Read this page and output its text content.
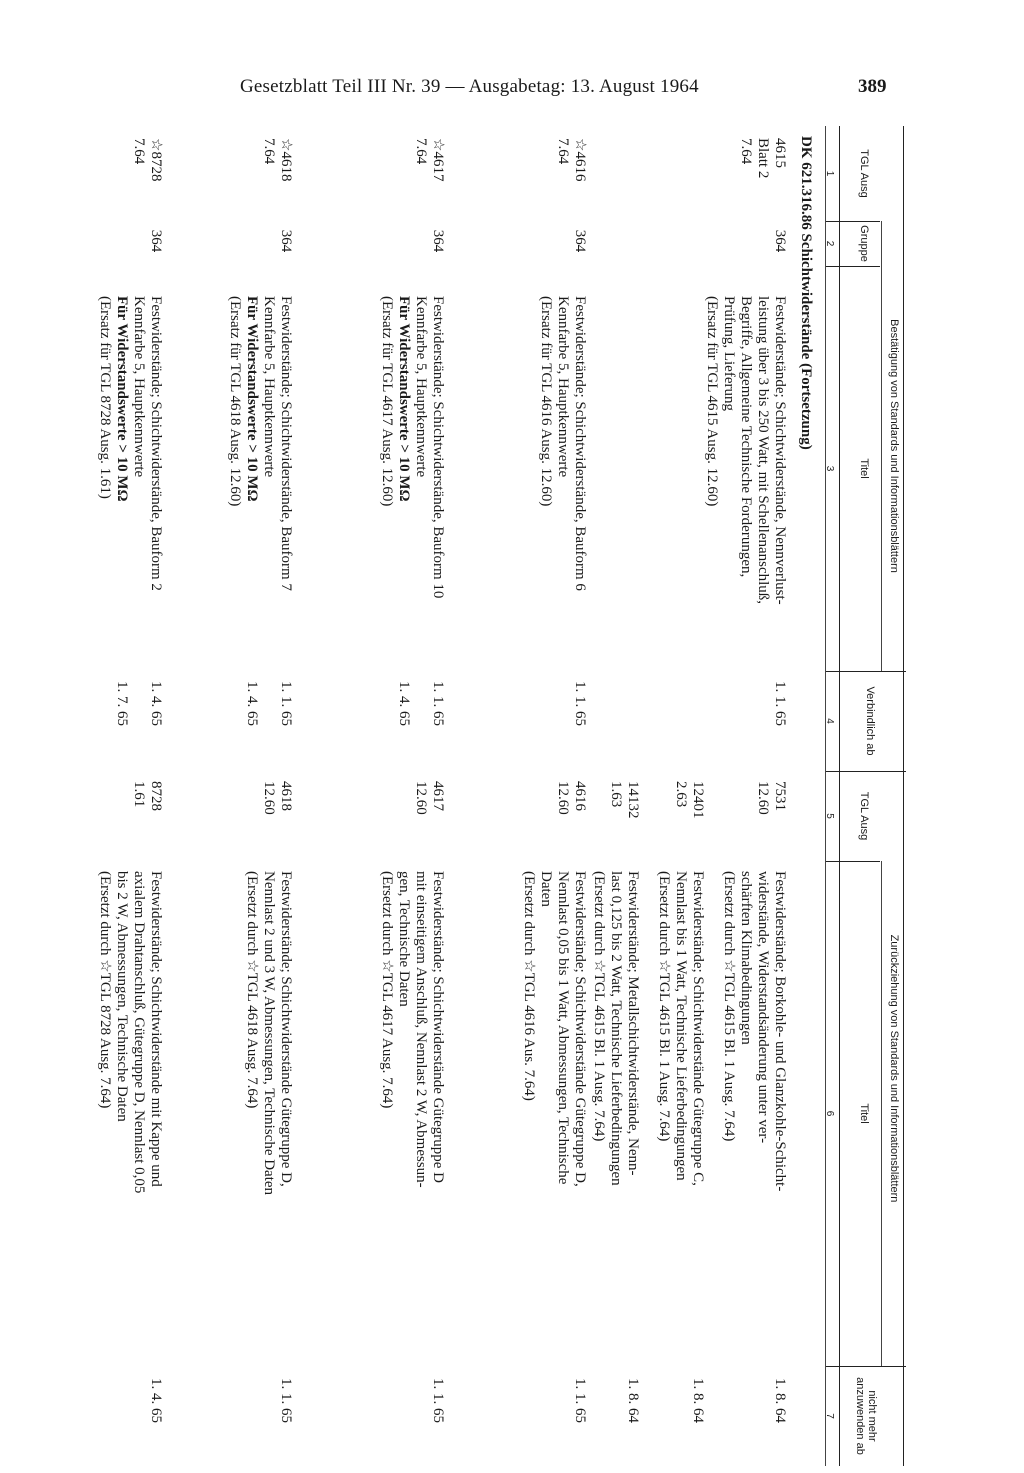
Gesetzblatt Teil III Nr. 39 — Ausgabetag: 13. August 1964	389
Bestätigung von Standards und Informationsblättern
Zurückziehung von Standards und Informationsblättern
TGL Ausg
Gruppe
Titel
Verbindlich ab
TGL Ausg
Titel
nicht mehr anzuwenden ab
1
2
3
4
5
6
7
DK 621.316.86 Schichtwiderstände (Fortsetzung)
4615
Blatt 2
7.64
364
Festwiderstände; Schichtwiderstände, Nennverlust-
leistung über 3 bis 250 Watt, mit Schellenanschluß,
Begriffe, Allgemeine Technische Forderungen,
Prüfung, Lieferung
(Ersatz für TGL 4615 Ausg. 12.60)
1. 1. 65
7531
12.60
Festwiderstände; Borkohle- und Glanzkohle-Schicht-
widerstände, Widerstandsänderung unter ver-
schärften Klimabedingungen
(Ersetzt durch ☆TGL 4615 Bl. 1 Ausg. 7.64)
1. 8. 64
12401
2.63
Festwiderstände; Schichtwiderstände Gütegruppe C,
Nennlast bis 1 Watt, Technische Lieferbedingungen
(Ersetzt durch ☆TGL 4615 Bl. 1 Ausg. 7.64)
1. 8. 64
14132
1.63
Festwiderstände; Metallschichtwiderstände, Nenn-
last 0,125 bis 2 Watt, Technische Lieferbedingungen
(Ersetzt durch ☆TGL 4615 Bl. 1 Ausg. 7.64)
1. 8. 64
☆4616
7.64
364
Festwiderstände; Schichtwiderstände, Bauform 6
Kennfarbe 5, Hauptkennwerte
(Ersatz für TGL 4616 Ausg. 12.60)
1. 1. 65
4616
12.60
Festwiderstände; Schichtwiderstände Gütegruppe D,
Nennlast 0,05 bis 1 Watt, Abmessungen, Technische
Daten
(Ersetzt durch ☆TGL 4616 Aus. 7.64)
1. 1. 65
☆4617
7.64
364
Festwiderstände; Schichtwiderstände, Bauform 10
Kennfarbe 5, Hauptkennwerte
Für Widerstandswerte > 10 MΩ
(Ersatz für TGL 4617 Ausg. 12.60)
1. 1. 65
1. 4. 65
4617
12.60
Festwiderstände; Schichtwiderstände Gütegruppe D
mit einseitigem Anschluß, Nennlast 2 W, Abmessun-
gen, Technische Daten
(Ersetzt durch ☆TGL 4617 Ausg. 7.64)
1. 1. 65
☆4618
7.64
364
Festwiderstände; Schichtwiderstände, Bauform 7
Kennfarbe 5, Hauptkennwerte
Für Widerstandswerte > 10 MΩ
(Ersatz für TGL 4618 Ausg. 12.60)
1. 1. 65
1. 4. 65
4618
12.60
Festwiderstände; Schichtwiderstände Gütegruppe D,
Nennlast 2 und 3 W, Abmessungen, Technische Daten
(Ersetzt durch ☆TGL 4618 Ausg. 7.64)
1. 1. 65
☆8728
7.64
364
Festwiderstände; Schichtwiderstände, Bauform 2
Kennfarbe 5, Hauptkennwerte
Für Widerstandswerte > 10 MΩ
(Ersatz für TGL 8728 Ausg. 1.61)
1. 4. 65
1. 7. 65
8728
1.61
Festwiderstände; Schichtwiderstände mit Kappe und
axialem Drahtanschluß, Gütegruppe D, Nennlast 0,05
bis 2 W, Abmessungen, Technische Daten
(Ersetzt durch ☆TGL 8728 Ausg. 7.64)
1. 4. 65
